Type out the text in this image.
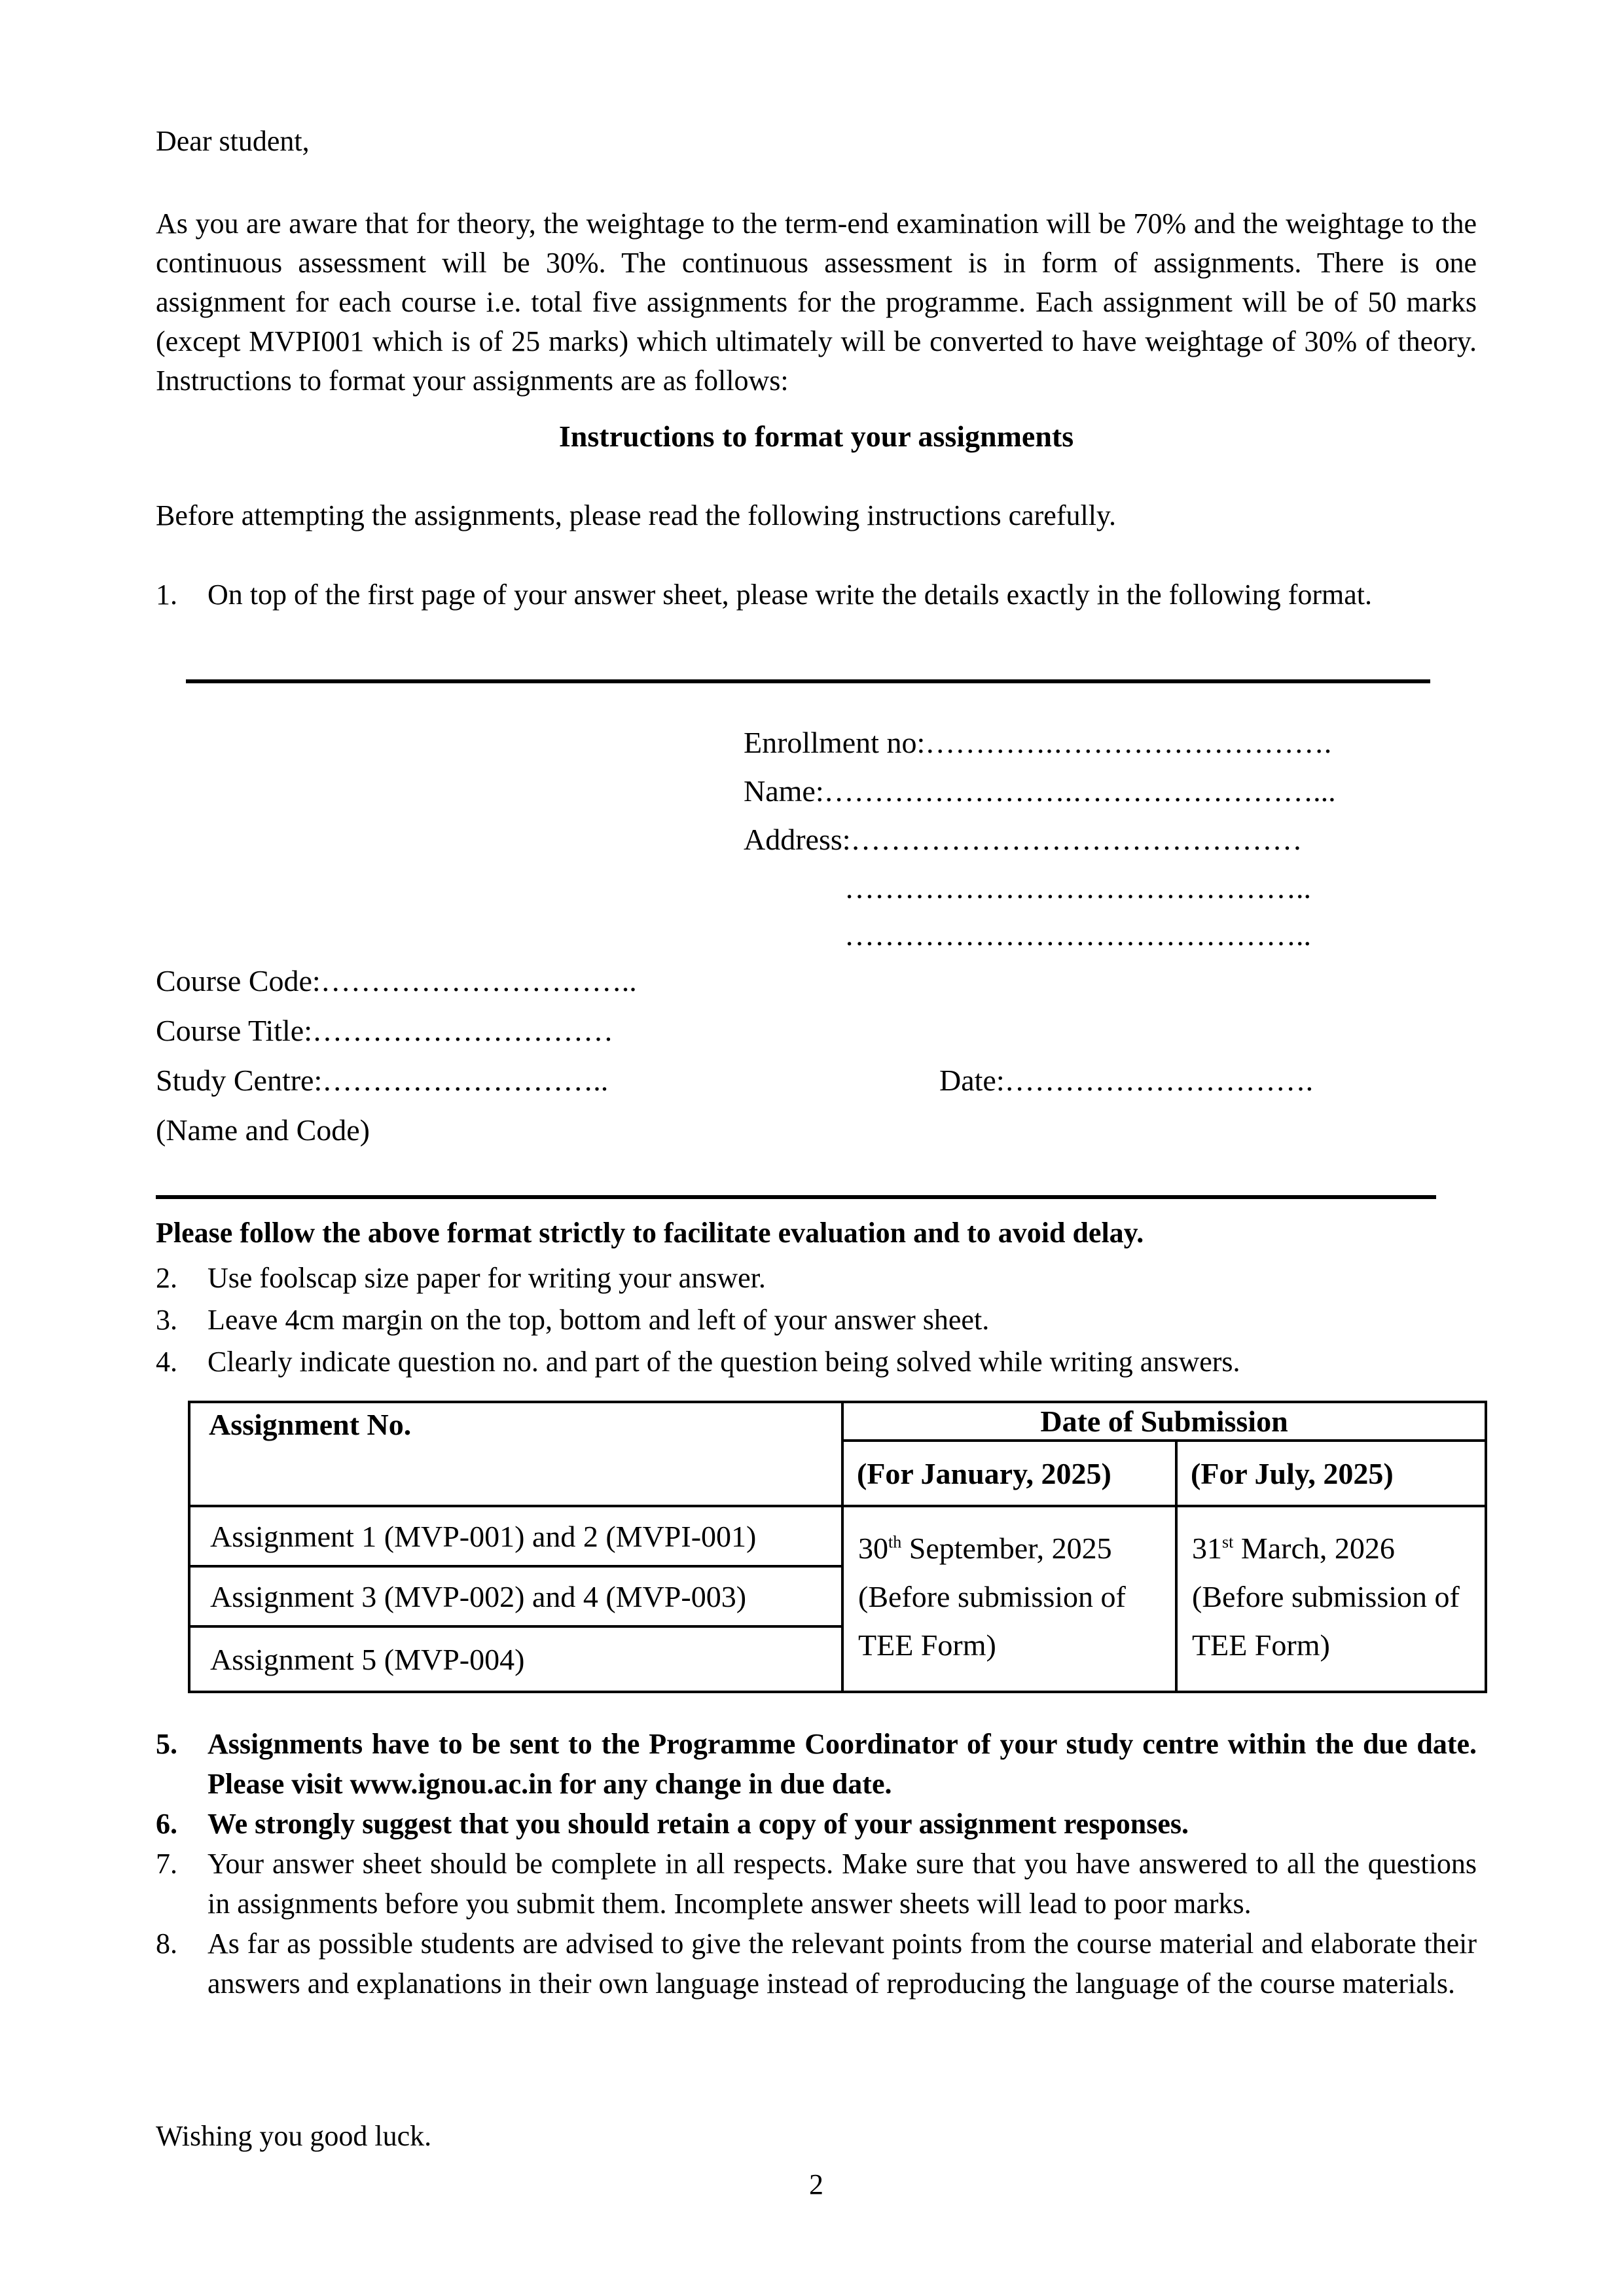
Dear student,
As you are aware that for theory, the weightage to the term-end examination will be 70% and the weightage to the continuous assessment will be 30%. The continuous assessment is in form of assignments. There is one assignment for each course i.e. total five assignments for the programme. Each assignment will be of 50 marks (except MVPI001 which is of 25 marks) which ultimately will be converted to have weightage of 30% of theory. Instructions to format your assignments are as follows:
Instructions to format your assignments
Before attempting the assignments, please read the following instructions carefully.
1.	On top of the first page of your answer sheet, please write the details exactly in the following format.
Enrollment no:………….……………………….
Name:…………………….……………………...
Address:………………………………………
………………………………………..
………………………………………..
Course Code:…………………………..
Course Title:…………………………
Study Centre:………………………..	Date:………………………….
(Name and Code)
Please follow the above format strictly to facilitate evaluation and to avoid delay.
2.	Use foolscap size paper for writing your answer.
3.	Leave 4cm margin on the top, bottom and left of your answer sheet.
4.	Clearly indicate question no. and part of the question being solved while writing answers.
Assignment No.	Date of Submission	
	(For January, 2025)	(For July, 2025)
Assignment 1 (MVP-001) and 2 (MVPI-001)	30th September, 2025 (Before submission of TEE Form)	31st March, 2026 (Before submission of TEE Form)
Assignment 3 (MVP-002) and 4 (MVP-003)		
Assignment 5 (MVP-004)		
5.	Assignments have to be sent to the Programme Coordinator of your study centre within the due date. Please visit www.ignou.ac.in for any change in due date.
6.	We strongly suggest that you should retain a copy of your assignment responses.
7.	Your answer sheet should be complete in all respects. Make sure that you have answered to all the questions in assignments before you submit them. Incomplete answer sheets will lead to poor marks.
8.	As far as possible students are advised to give the relevant points from the course material and elaborate their answers and explanations in their own language instead of reproducing the language of the course materials.
Wishing you good luck.
2
